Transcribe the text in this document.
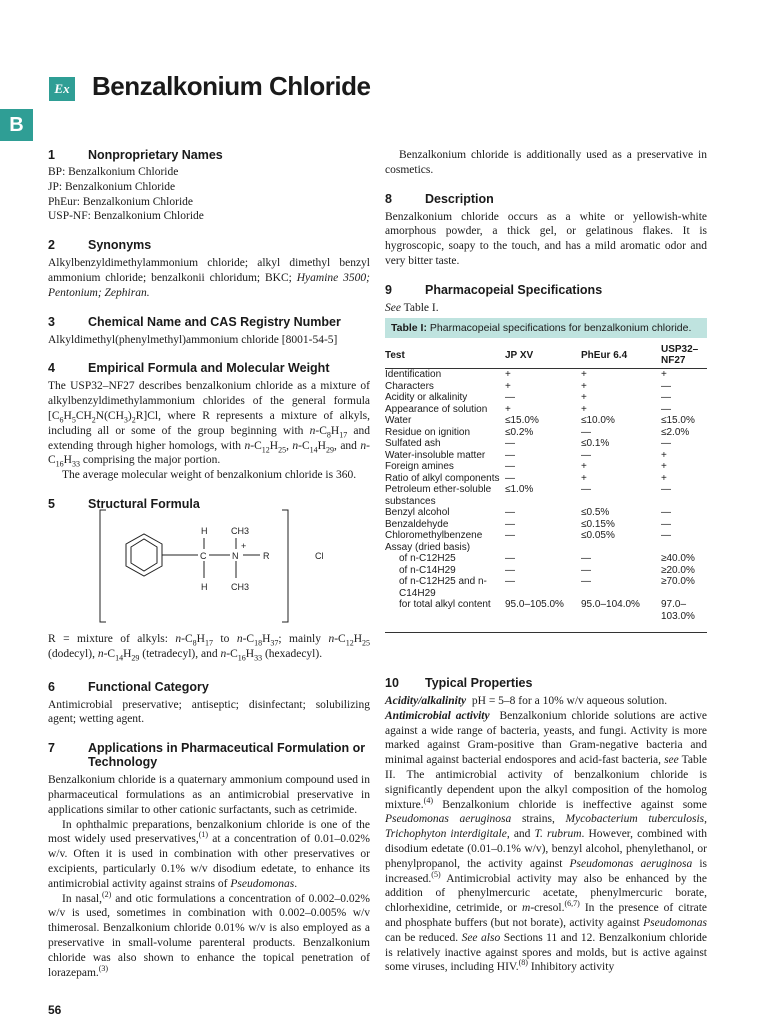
Ex Benzalkonium Chloride
B
1	Nonproprietary Names
BP: Benzalkonium Chloride
JP: Benzalkonium Chloride
PhEur: Benzalkonium Chloride
USP-NF: Benzalkonium Chloride
2	Synonyms

Alkylbenzyldimethylammonium chloride; alkyl dimethyl benzyl ammonium chloride; benzalkonii chloridum; BKC; Hyamine 3500; Pentonium; Zephiran.

3	Chemical Name and CAS Registry Number

Alkyldimethyl(phenylmethyl)ammonium chloride [8001-54-5]

4	Empirical Formula and Molecular Weight

The USP32–NF27 describes benzalkonium chloride as a mixture of alkylbenzyldimethylammonium chlorides of the general formula $[C_6H_5CH_2N(CH_3)_2R]Cl$, where R represents a mixture of alkyls, including all or some of the group beginning with $n-C_8H_{17}$ and extending through higher homologs, with $n-C_{12}H_{25}$, $n-C_{14}H_{29}$, and $n-C_{16}H_{33}$ comprising the major portion.

The average molecular weight of benzalkonium chloride is 360.

5	Structural Formula
H	CH3
C	N
+
R	Cl
H	CH3

R = mixture of alkyls: $n-C_8H_{17}$ to $n-C_{18}H_{37}$; mainly $n-C_{12}H_{25}$ (dodecyl), $n-C_{14}H_{29}$ (tetradecyl), and $n-C_{16}H_{33}$ (hexadecyl).

6	Functional Category

Antimicrobial preservative; antiseptic; disinfectant; solubilizing agent; wetting agent.

7	Applications in Pharmaceutical Formulation or Technology

Benzalkonium chloride is a quaternary ammonium compound used in pharmaceutical formulations as an antimicrobial preservative in applications similar to other cationic surfactants, such as cetrimide.

In ophthalmic preparations, benzalkonium chloride is one of the most widely used preservatives,$^{(1)}$ at a concentration of 0.01–0.02% w/v. Often it is used in combination with other preservatives or excipients, particularly 0.1% w/v disodium edetate, to enhance its antimicrobial activity against strains of Pseudomonas.

In nasal,$^{(2)}$ and otic formulations a concentration of 0.002–0.02% w/v is used, sometimes in combination with 0.002–0.005% w/v thimerosal. Benzalkonium chloride 0.01% w/v is also employed as a preservative in small-volume parenteral products. Benzalkonium chloride was also shown to enhance the topical penetration of lorazepam.$^{(3)}$

Benzalkonium chloride is additionally used as a preservative in cosmetics.

8	Description

Benzalkonium chloride occurs as a white or yellowish-white amorphous powder, a thick gel, or gelatinous flakes. It is hygroscopic, soapy to the touch, and has a mild aromatic odor and very bitter taste.

9	Pharmacopeial Specifications

See Table I.

Table I: Pharmacopeial specifications for benzalkonium chloride.
Test	JP XV	PhEur 6.4	USP32–NF27
Identification	+	+	+
Characters	+	+	—
Acidity or alkalinity	—	+	—
Appearance of solution	+	+	—
Water	≤15.0%	≤10.0%	≤15.0%
Residue on ignition	≤0.2%	—	≤2.0%
Sulfated ash	—	≤0.1%	—
Water-insoluble matter	—	—	+
Foreign amines	—	+	+
Ratio of alkyl components	—	+	+
Petroleum ether-soluble substances	≤1.0%	—	—
Benzyl alcohol	—	≤0.5%	—
Benzaldehyde	—	≤0.15%	—
Chloromethylbenzene	—	≤0.05%	—
Assay (dried basis)			
of n-C12H25	—	—	≥40.0%
of n-C14H29	—	—	≥20.0%
of n-C12H25 and n-C14H29	—	—	≥70.0%
for total alkyl content	95.0–105.0%	95.0–104.0%	97.0–103.0%
10	Typical Properties

Acidity/alkalinity pH = 5–8 for a 10% w/v aqueous solution.

Antimicrobial activity  Benzalkonium chloride solutions are active against a wide range of bacteria, yeasts, and fungi. Activity is more marked against Gram-positive than Gram-negative bacteria and minimal against bacterial endospores and acid-fast bacteria, see Table II. The antimicrobial activity of benzalkonium chloride is significantly dependent upon the alkyl composition of the homolog mixture.$^{(4)}$ Benzalkonium chloride is ineffective against some Pseudomonas aeruginosa strains, Mycobacterium tuberculosis, Trichophyton interdigitale, and T. rubrum. However, combined with disodium edetate (0.01–0.1% w/v), benzyl alcohol, phenylethanol, or phenylpropanol, the activity against Pseudomonas aeruginosa is increased.$^{(5)}$ Antimicrobial activity may also be enhanced by the addition of phenylmercuric acetate, phenylmercuric borate, chlorhexidine, cetrimide, or m-cresol.$^{(6,7)}$ In the presence of citrate and phosphate buffers (but not borate), activity against Pseudomonas can be reduced. See also Sections 11 and 12. Benzalkonium chloride is relatively inactive against spores and molds, but is active against some viruses, including HIV.$^{(8)}$ Inhibitory activity

56
